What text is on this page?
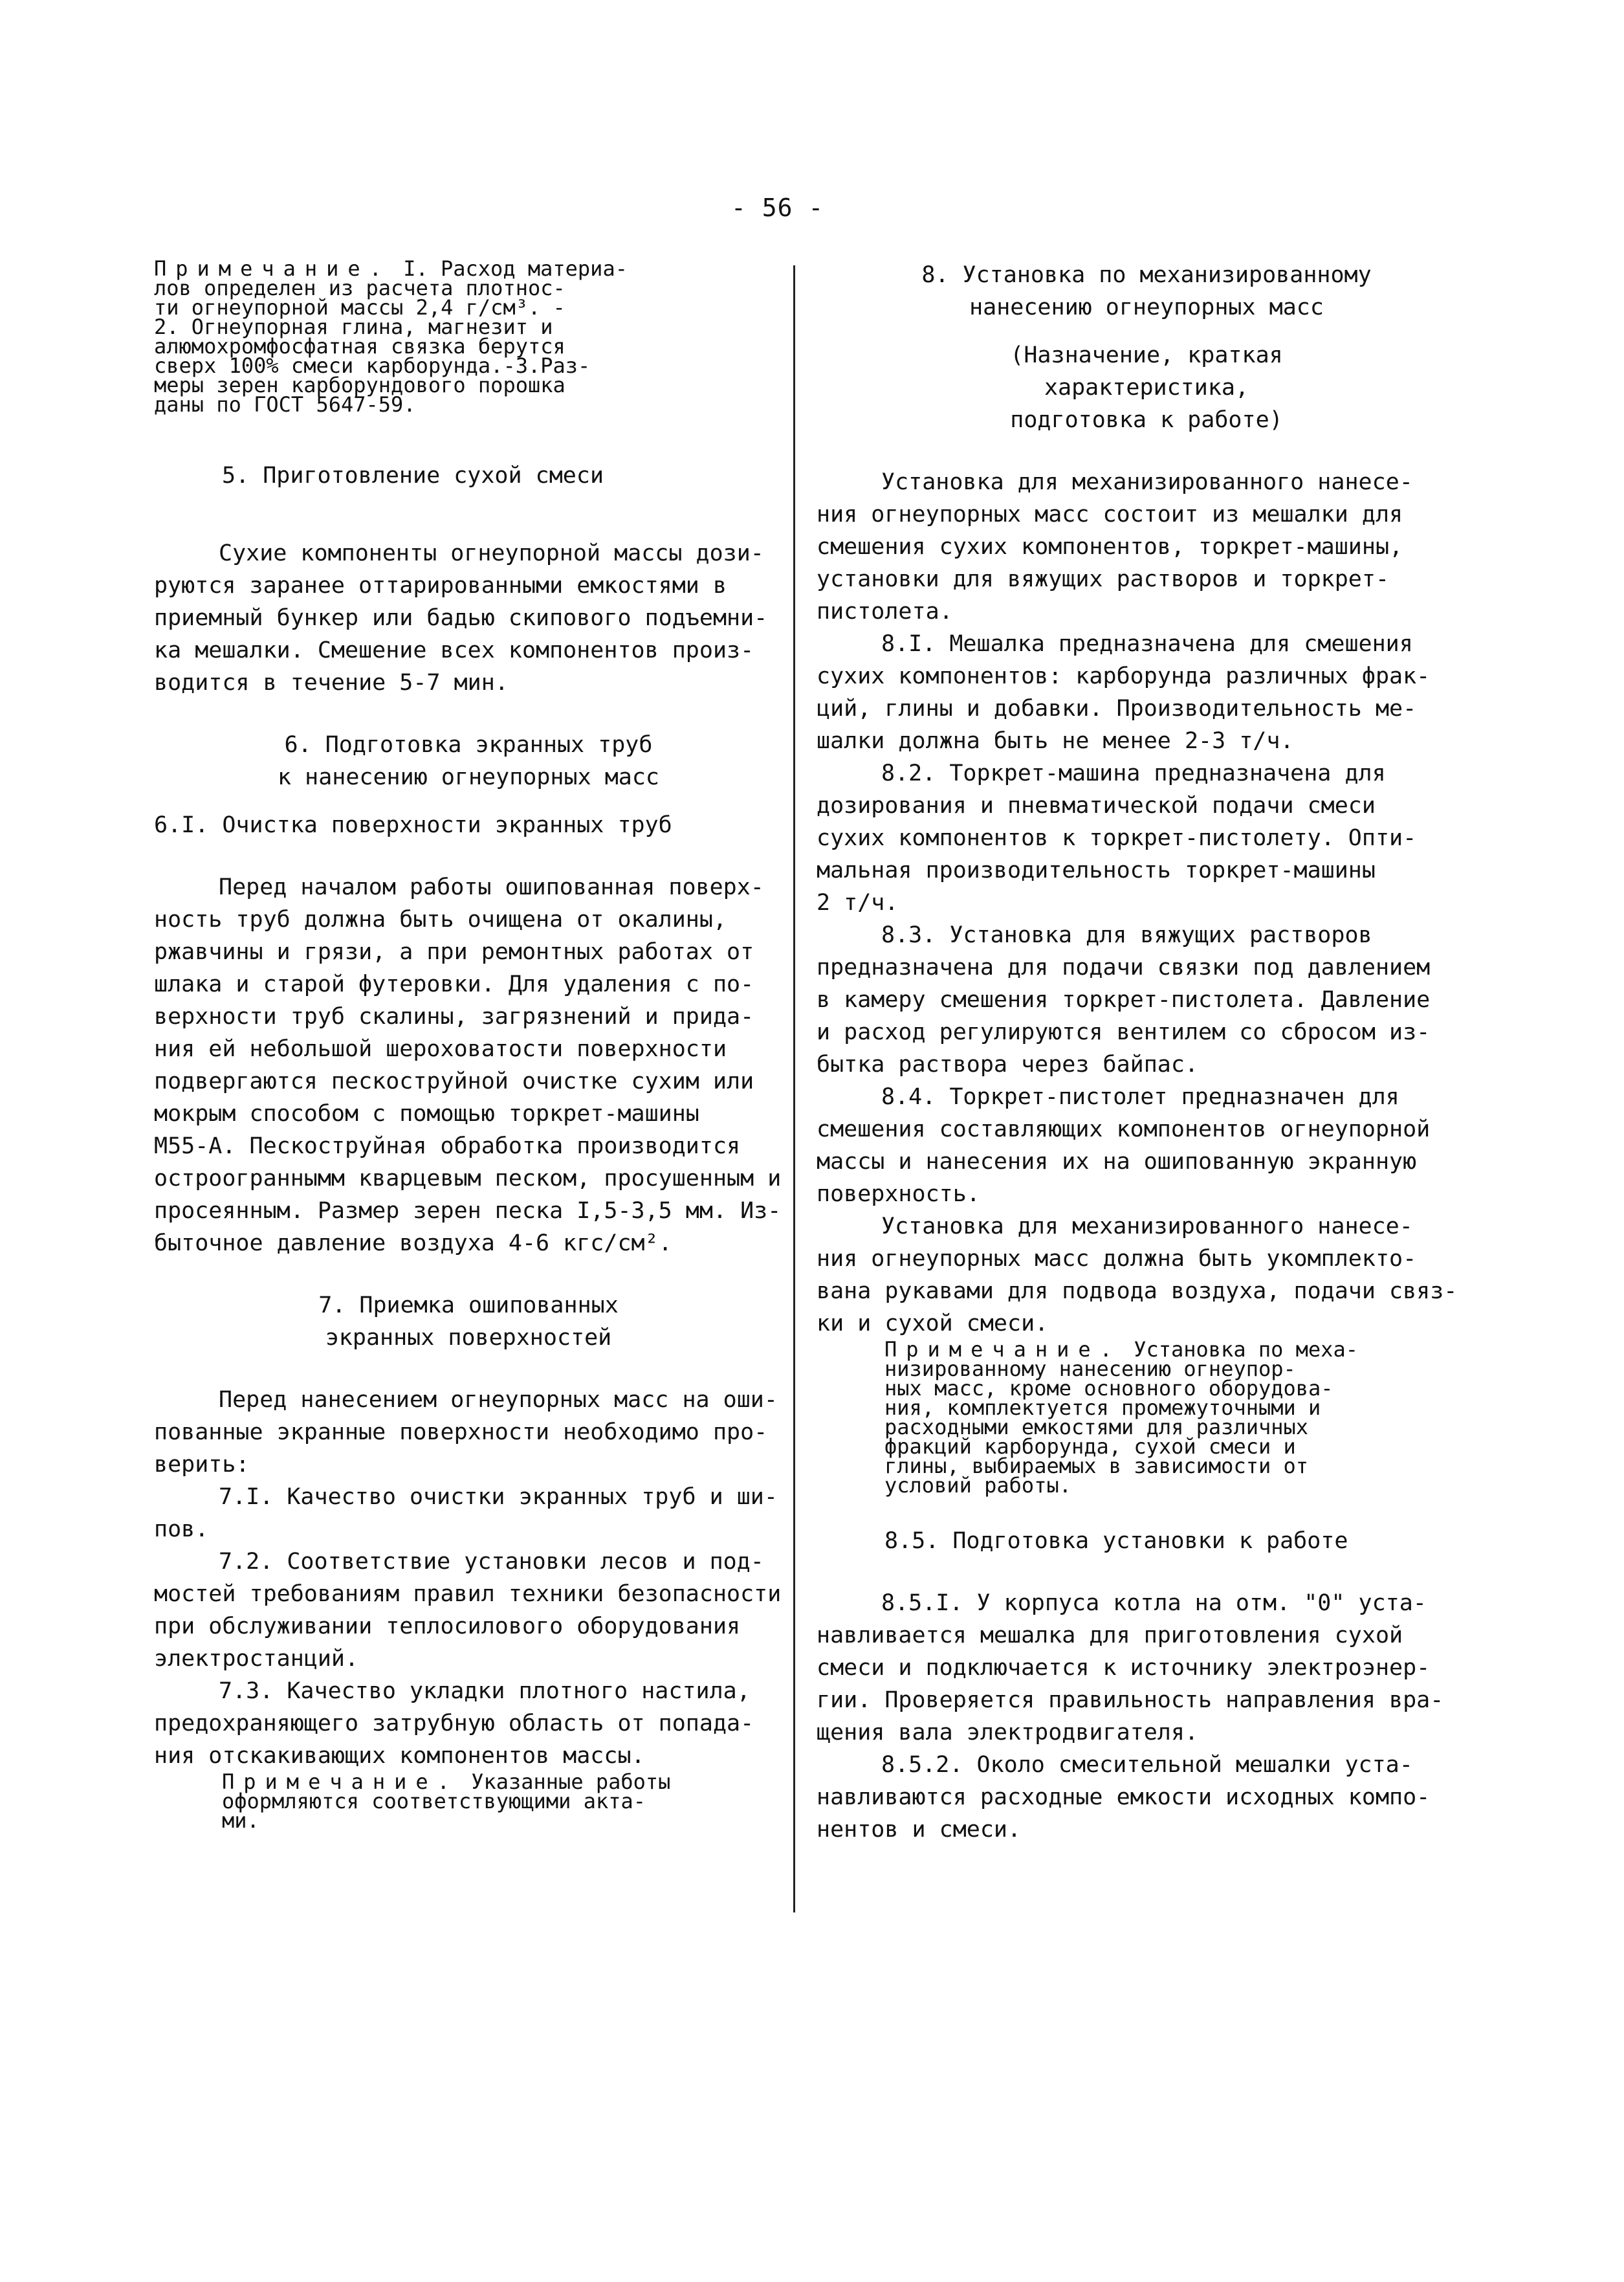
- 56 -

Примечание. I. Расход материа-
лов определен из расчета плотнос-
ти огнеупорной массы 2,4 г/см³. -
2. Огнеупорная глина, магнезит и
алюмохромфосфатная связка берутся
сверх 100% смеси карборунда.-3.Раз-
меры зерен карборундового порошка
даны по ГОСТ 5647-59.

5. Приготовление сухой смеси

Сухие компоненты огнеупорной массы дози-
руются заранее оттарированными емкостями в
приемный бункер или бадью скипового подъемни-
ка мешалки. Смешение всех компонентов произ-
водится в течение 5-7 мин.

6. Подготовка экранных труб
к нанесению огнеупорных масс

6.I. Очистка поверхности экранных труб

Перед началом работы ошипованная поверх-
ность труб должна быть очищена от окалины,
ржавчины и грязи, а при ремонтных работах от
шлака и старой футеровки. Для удаления с по-
верхности труб скалины, загрязнений и прида-
ния ей небольшой шероховатости поверхности
подвергаются пескоструйной очистке сухим или
мокрым способом с помощью торкрет-машины
М55-А. Пескоструйная обработка производится
остроограннымм кварцевым песком, просушенным и
просеянным. Размер зерен песка I,5-3,5 мм. Из-
быточное давление воздуха 4-6 кгс/см².

7. Приемка ошипованных
экранных поверхностей

Перед нанесением огнеупорных масс на оши-
пованные экранные поверхности необходимо про-
верить:

7.I. Качество очистки экранных труб и ши-
пов.

7.2. Соответствие установки лесов и под-
мостей требованиям правил техники безопасности
при обслуживании теплосилового оборудования
электростанций.

7.3. Качество укладки плотного настила,
предохраняющего затрубную область от попада-
ния отскакивающих компонентов массы.

Примечание. Указанные работы
оформляются соответствующими акта-
ми.

8. Установка по механизированному
нанесению огнеупорных масс

(Назначение, краткая
характеристика,
подготовка к работе)

Установка для механизированного нанесе-
ния огнеупорных масс состоит из мешалки для
смешения сухих компонентов, торкрет-машины,
установки для вяжущих растворов и торкрет-
пистолета.

8.I. Мешалка предназначена для смешения
сухих компонентов: карборунда различных фрак-
ций, глины и добавки. Производительность ме-
шалки должна быть не менее 2-3 т/ч.

8.2. Торкрет-машина предназначена для
дозирования и пневматической подачи смеси
сухих компонентов к торкрет-пистолету. Опти-
мальная производительность торкрет-машины
2 т/ч.

8.3. Установка для вяжущих растворов
предназначена для подачи связки под давлением
в камеру смешения торкрет-пистолета. Давление
и расход регулируются вентилем со сбросом из-
бытка раствора через байпас.

8.4. Торкрет-пистолет предназначен для
смешения составляющих компонентов огнеупорной
массы и нанесения их на ошипованную экранную
поверхность.

Установка для механизированного нанесе-
ния огнеупорных масс должна быть укомплекто-
вана рукавами для подвода воздуха, подачи связ-
ки и сухой смеси.

Примечание. Установка по меха-
низированному нанесению огнеупор-
ных масс, кроме основного оборудова-
ния, комплектуется промежуточными и
расходными емкостями для различных
фракций карборунда, сухой смеси и
глины, выбираемых в зависимости от
условий работы.

8.5. Подготовка установки к работе

8.5.I. У корпуса котла на отм. "0" уста-
навливается мешалка для приготовления сухой
смеси и подключается к источнику электроэнер-
гии. Проверяется правильность направления вра-
щения вала электродвигателя.

8.5.2. Около смесительной мешалки уста-
навливаются расходные емкости исходных компо-
нентов и смеси.
